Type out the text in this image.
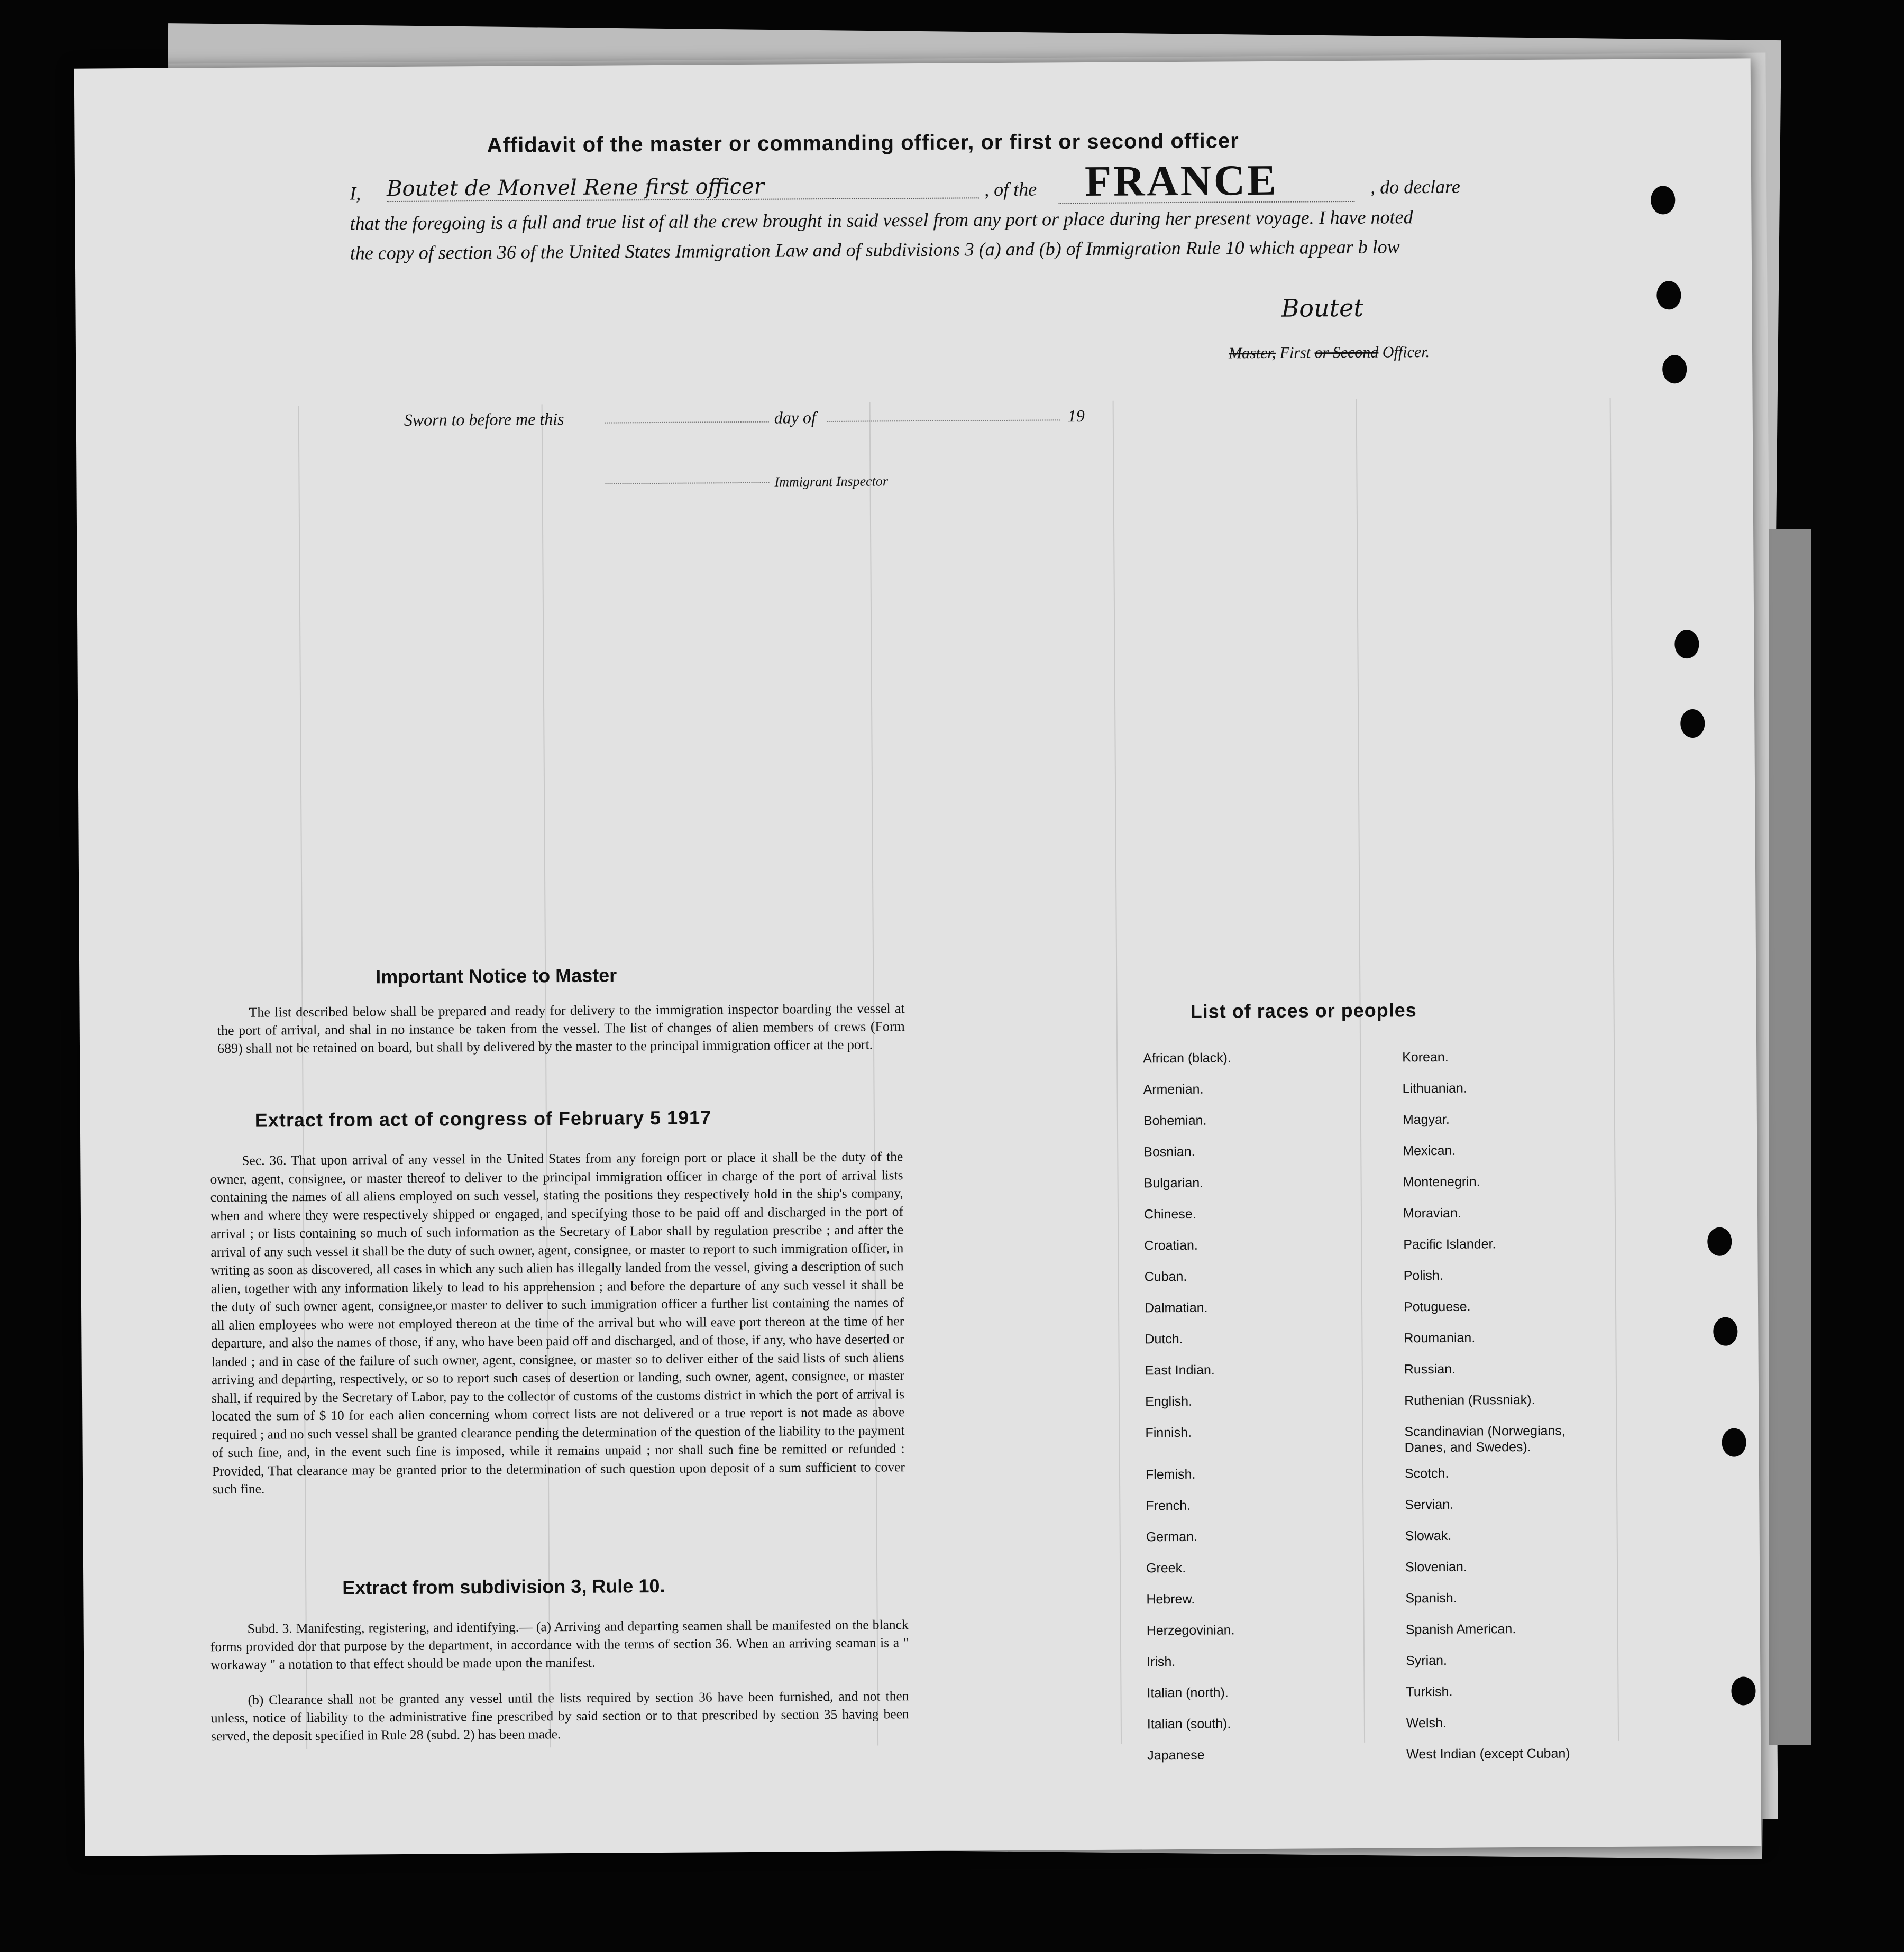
Affidavit of the master or commanding officer, or first or second officer
I, Boutet de Monvel Rene first officer	, of the FRANCE	, do declare
that the foregoing is a full and true list of all the crew brought in said vessel from any port or place during her present voyage. I have noted the copy of section 36 of the United States Immigration Law and of subdivisions 3 (a) and (b) of Immigration Rule 10 which appear b low
Boutet
Master, First or Second Officer.
Sworn to before me this	day of	19
Immigrant Inspector
Important Notice to Master
The list described below shall be prepared and ready for delivery to the immigration inspector boarding the vessel at the port of arrival, and shal in no instance be taken from the vessel. The list of changes of alien members of crews (Form 689) shall not be retained on board, but shall by delivered by the master to the principal immigration officer at the port.
Extract from act of congress of February 5 1917
Sec. 36. That upon arrival of any vessel in the United States from any foreign port or place it shall be the duty of the owner, agent, consignee, or master thereof to deliver to the principal immigration officer in charge of the port of arrival lists containing the names of all aliens employed on such vessel, stating the positions they respectively hold in the ship's company, when and where they were respectively shipped or engaged, and specifying those to be paid off and discharged in the port of arrival ; or lists containing so much of such information as the Secretary of Labor shall by regulation prescribe ; and after the arrival of any such vessel it shall be the duty of such owner, agent, consignee, or master to report to such immigration officer, in writing as soon as discovered, all cases in which any such alien has illegally landed from the vessel, giving a description of such alien, together with any information likely to lead to his apprehension ; and before the departure of any such vessel it shall be the duty of such owner agent, consignee,or master to deliver to such immigration officer a further list containing the names of all alien employees who were not employed thereon at the time of the arrival but who will eave port thereon at the time of her departure, and also the names of those, if any, who have been paid off and discharged, and of those, if any, who have deserted or landed ; and in case of the failure of such owner, agent, consignee, or master so to deliver either of the said lists of such aliens arriving and departing, respectively, or so to report such cases of desertion or landing, such owner, agent, consignee, or master shall, if required by the Secretary of Labor, pay to the collector of customs of the customs district in which the port of arrival is located the sum of $ 10 for each alien concerning whom correct lists are not delivered or a true report is not made as above required ; and no such vessel shall be granted clearance pending the determination of the question of the liability to the payment of such fine, and, in the event such fine is imposed, while it remains unpaid ; nor shall such fine be remitted or refunded : Provided, That clearance may be granted prior to the determination of such question upon deposit of a sum sufficient to cover such fine.
Extract from subdivision 3, Rule 10.
Subd. 3. Manifesting, registering, and identifying.— (a) Arriving and departing seamen shall be manifested on the blanck forms provided dor that purpose by the department, in accordance with the terms of section 36. When an arriving seaman is a " workaway " a notation to that effect should be made upon the manifest.
(b) Clearance shall not be granted any vessel until the lists required by section 36 have been furnished, and not then unless, notice of liability to the administrative fine prescribed by said section or to that prescribed by section 35 having been served, the deposit specified in Rule 28 (subd. 2) has been made.
List of races or peoples
African (black).
Armenian.
Bohemian.
Bosnian.
Bulgarian.
Chinese.
Croatian.
Cuban.
Dalmatian.
Dutch.
East Indian.
English.
Finnish.
Flemish.
French.
German.
Greek.
Hebrew.
Herzegovinian.
Irish.
Italian (north).
Italian (south).
Japanese
Korean.
Lithuanian.
Magyar.
Mexican.
Montenegrin.
Moravian.
Pacific Islander.
Polish.
Potuguese.
Roumanian.
Russian.
Ruthenian (Russniak).
Scandinavian (Norwegians, Danes, and Swedes).
Scotch.
Servian.
Slowak.
Slovenian.
Spanish.
Spanish American.
Syrian.
Turkish.
Welsh.
West Indian (except Cuban)
